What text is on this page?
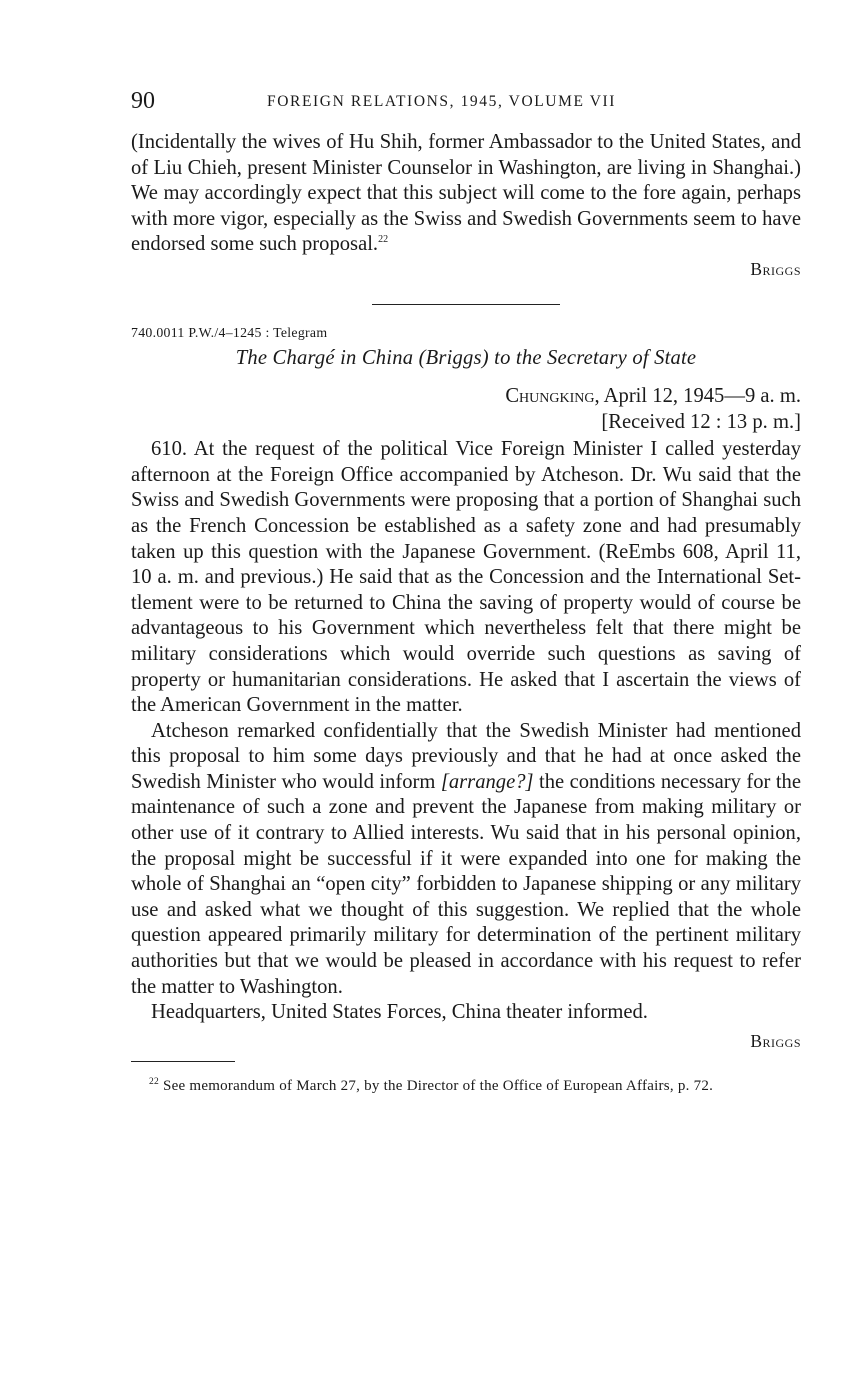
90	FOREIGN RELATIONS, 1945, VOLUME VII

(Incidentally the wives of Hu Shih, former Ambassador to the United States, and of Liu Chieh, present Minister Counselor in Washington, are living in Shanghai.) We may accordingly expect that this subject will come to the fore again, perhaps with more vigor, especially as the Swiss and Swedish Governments seem to have endorsed some such proposal.$^{22}$

Briggs
740.0011 P.W./4–1245 : Telegram
The Chargé in China (Briggs) to the Secretary of State
Chungking, April 12, 1945—9 a. m.
[Received 12 : 13 p. m.]

610. At the request of the political Vice Foreign Minister I called yesterday afternoon at the Foreign Office accompanied by Atcheson. Dr. Wu said that the Swiss and Swedish Governments were proposing that a portion of Shanghai such as the French Concession be established as a safety zone and had presumably taken up this question with the Japanese Government. (ReEmbs 608, April 11, 10 a. m. and previous.) He said that as the Concession and the International Settlement were to be returned to China the saving of property would of course be advantageous to his Government which nevertheless felt that there might be military considerations which would override such questions as saving of property or humanitarian considerations. He asked that I ascertain the views of the American Government in the matter.

Atcheson remarked confidentially that the Swedish Minister had mentioned this proposal to him some days previously and that he had at once asked the Swedish Minister who would inform [arrange?] the conditions necessary for the maintenance of such a zone and prevent the Japanese from making military or other use of it contrary to Allied interests. Wu said that in his personal opinion, the proposal might be successful if it were expanded into one for making the whole of Shanghai an “open city” forbidden to Japanese shipping or any military use and asked what we thought of this suggestion. We replied that the whole question appeared primarily military for determination of the pertinent military authorities but that we would be pleased in accordance with his request to refer the matter to Washington.

Headquarters, United States Forces, China theater informed.

Briggs

$^{22}$ See memorandum of March 27, by the Director of the Office of European Affairs, p. 72.
